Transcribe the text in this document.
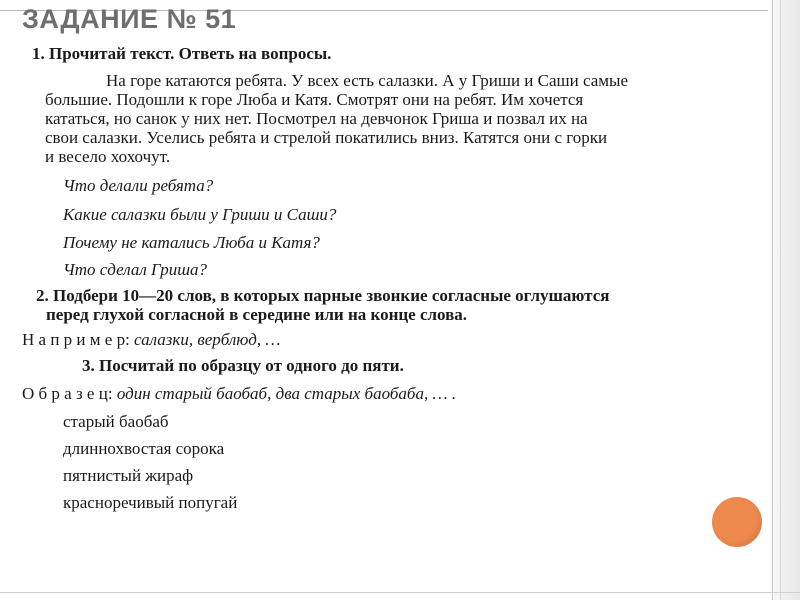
ЗАДАНИЕ № 51
1. Прочитай текст. Ответь на вопросы.
На горе катаются ребята. У всех есть салазки. А у Гриши и Саши самые
большие. Подошли к горе Люба и Катя. Смотрят они на ребят. Им хочется
кататься, но санок у них нет. Посмотрел на девчонок Гриша и позвал их на
свои салазки. Уселись ребята и стрелой покатились вниз. Катятся они с горки
и весело хохочут.
Что делали ребята?
Какие салазки были у Гриши и Саши?
Почему не катались Люба и Катя?
Что сделал Гриша?
2. Подбери 10—20 слов, в которых парные звонкие согласные оглушаются
перед глухой согласной в середине или на конце слова.
Н а п р и м е р: салазки, верблюд, …
3. Посчитай по образцу от одного до пяти.
О б р а з е ц: один старый баобаб, два старых баобаба, … .
старый баобаб
длиннохвостая сорока
пятнистый жираф
красноречивый попугай
